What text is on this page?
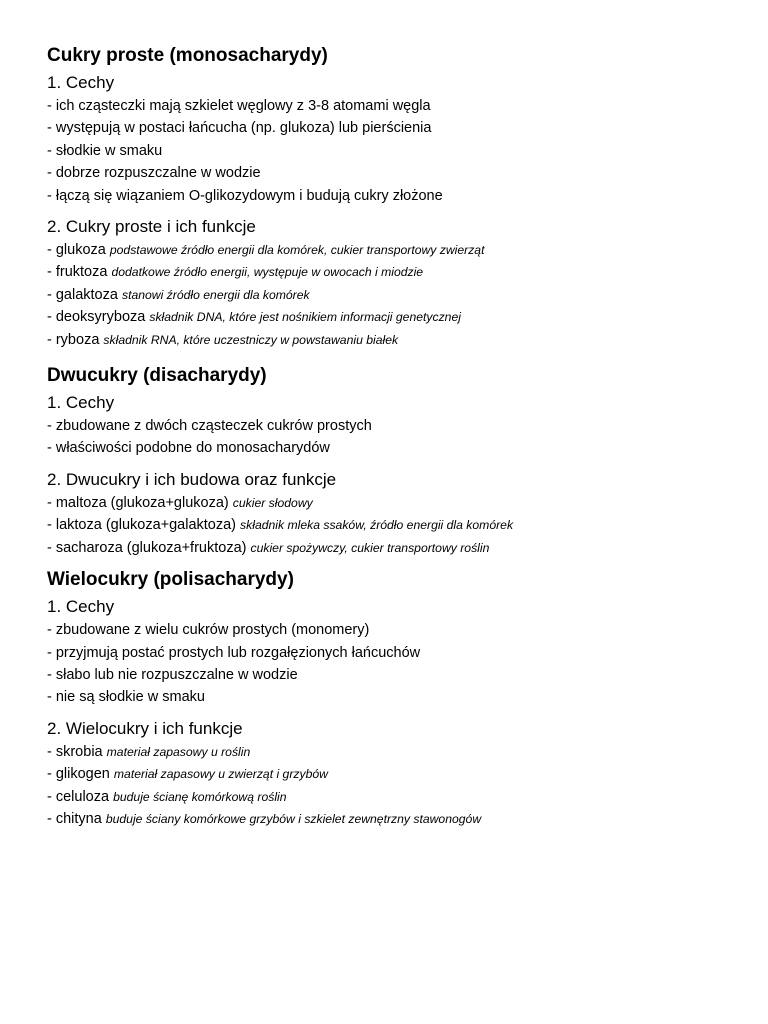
Cukry proste (monosacharydy)
1. Cechy
- ich cząsteczki mają szkielet węglowy z 3-8 atomami węgla
- występują w postaci łańcucha (np. glukoza) lub pierścienia
- słodkie w smaku
- dobrze rozpuszczalne w wodzie
- łączą się wiązaniem O-glikozydowym i budują cukry złożone
2. Cukry proste i ich funkcje
- glukoza podstawowe źródło energii dla komórek, cukier transportowy zwierząt
- fruktoza dodatkowe źródło energii, występuje w owocach i miodzie
- galaktoza stanowi źródło energii dla komórek
- deoksyryboza składnik DNA, które jest nośnikiem informacji genetycznej
- ryboza składnik RNA, które uczestniczy w powstawaniu białek
Dwucukry (disacharydy)
1. Cechy
- zbudowane z dwóch cząsteczek cukrów prostych
- właściwości podobne do monosacharydów
2. Dwucukry i ich budowa oraz funkcje
- maltoza (glukoza+glukoza) cukier słodowy
- laktoza (glukoza+galaktoza) składnik mleka ssaków, źródło energii dla komórek
- sacharoza (glukoza+fruktoza) cukier spożywczy, cukier transportowy roślin
Wielocukry (polisacharydy)
1. Cechy
- zbudowane z wielu cukrów prostych (monomery)
- przyjmują postać prostych lub rozgałęzionych łańcuchów
- słabo lub nie rozpuszczalne w wodzie
- nie są słodkie w smaku
2. Wielocukry i ich funkcje
- skrobia materiał zapasowy u roślin
- glikogen materiał zapasowy u zwierząt i grzybów
- celuloza buduje ścianę komórkową roślin
- chityna buduje ściany komórkowe grzybów i szkielet zewnętrzny stawonogów
